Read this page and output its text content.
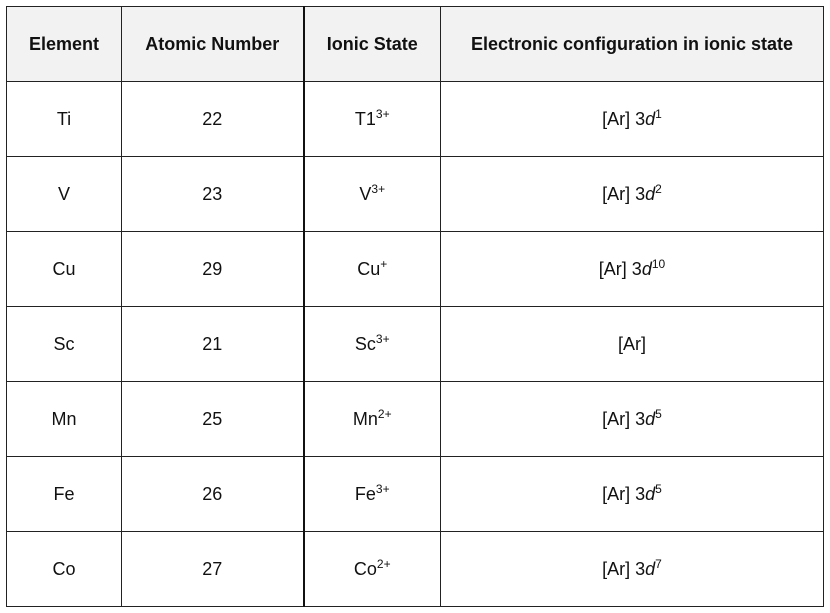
Element	Atomic Number	Ionic State	Electronic configuration in ionic state
Ti	22	$T1^{3+}$	[Ar] $3d^1$
V	23	$V^{3+}$	[Ar] $3d^2$
Cu	29	Cu+	[Ar] $3d^{10}$
Sc	21	$Sc^{3+}$	[Ar]
Mn	25	$Mn^{2+}$	[Ar] $3d^5$
Fe	26	$Fe^{3+}$	[Ar] $3d^5$
Co	27	$Co^{2+}$	[Ar] $3d^7$
